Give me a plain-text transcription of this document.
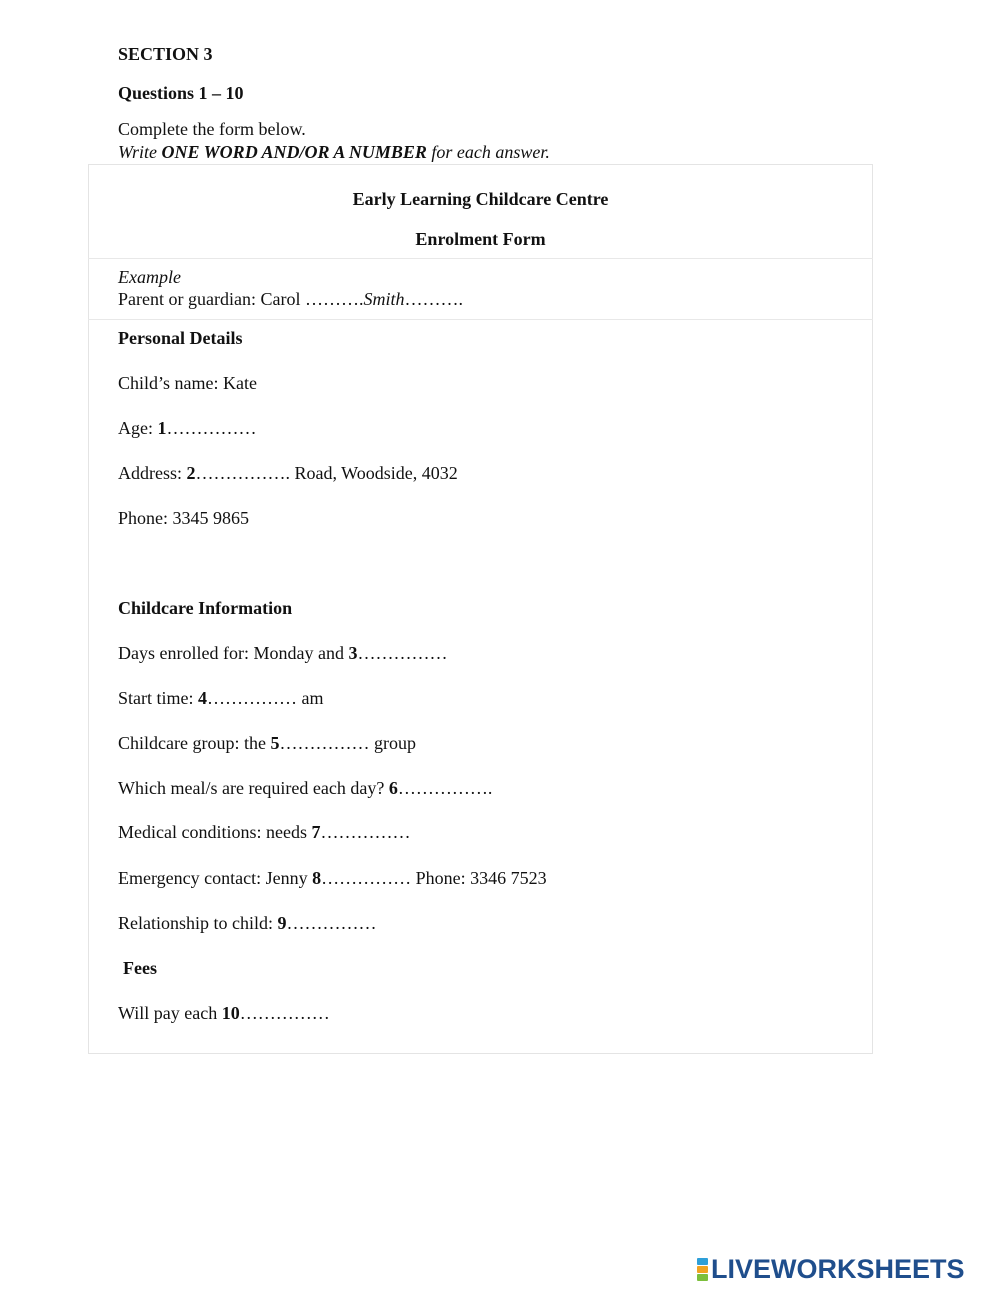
SECTION 3
Questions 1 – 10
Complete the form below.
Write ONE WORD AND/OR A NUMBER for each answer.
Early Learning Childcare Centre
Enrolment Form
Example
Parent or guardian: Carol ……….Smith……….
Personal Details
Child’s name: Kate
Age: 1……………
Address: 2……………. Road, Woodside, 4032
Phone: 3345 9865
Childcare Information
Days enrolled for: Monday and 3……………
Start time: 4…………… am
Childcare group: the 5…………… group
Which meal/s are required each day? 6…………….
Medical conditions: needs 7……………
Emergency contact: Jenny 8…………… Phone: 3346 7523
Relationship to child: 9……………
Fees
Will pay each 10……………
LIVEWORKSHEETS
